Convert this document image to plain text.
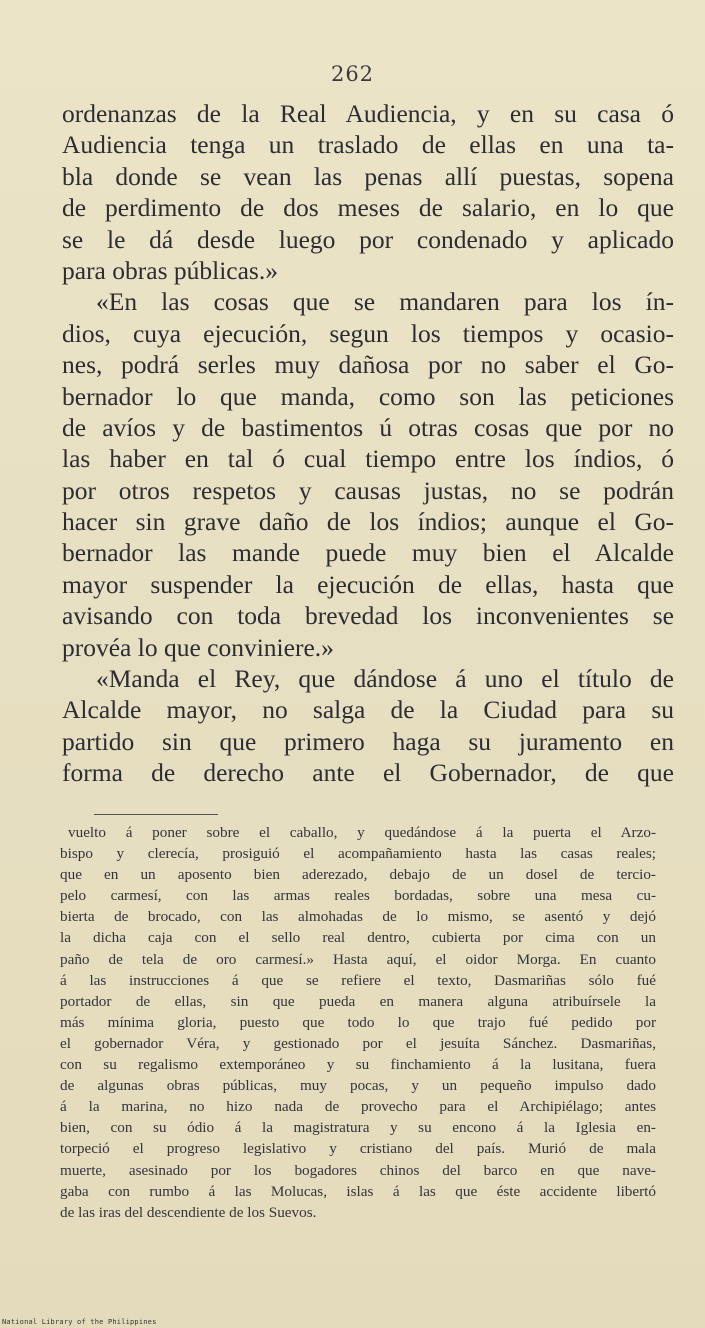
262
ordenanzas de la Real Audiencia, y en su casa ó
Audiencia tenga un traslado de ellas en una ta-
bla donde se vean las penas allí puestas, sopena
de perdimento de dos meses de salario, en lo que
se le dá desde luego por condenado y aplicado
para obras públicas.»
«En las cosas que se mandaren para los ín-
dios, cuya ejecución, segun los tiempos y ocasio-
nes, podrá serles muy dañosa por no saber el Go-
bernador lo que manda, como son las peticiones
de avíos y de bastimentos ú otras cosas que por no
las haber en tal ó cual tiempo entre los índios, ó
por otros respetos y causas justas, no se podrán
hacer sin grave daño de los índios; aunque el Go-
bernador las mande puede muy bien el Alcalde
mayor suspender la ejecución de ellas, hasta que
avisando con toda brevedad los inconvenientes se
provéa lo que conviniere.»
«Manda el Rey, que dándose á uno el título de
Alcalde mayor, no salga de la Ciudad para su
partido sin que primero haga su juramento en
forma de derecho ante el Gobernador, de que
vuelto á poner sobre el caballo, y quedándose á la puerta el Arzo-
bispo y clerecía, prosiguió el acompañamiento hasta las casas reales;
que en un aposento bien aderezado, debajo de un dosel de tercio-
pelo carmesí, con las armas reales bordadas, sobre una mesa cu-
bierta de brocado, con las almohadas de lo mismo, se asentó y dejó
la dicha caja con el sello real dentro, cubierta por cima con un
paño de tela de oro carmesí.» Hasta aquí, el oidor Morga. En cuanto
á las instrucciones á que se refiere el texto, Dasmariñas sólo fué
portador de ellas, sin que pueda en manera alguna atribuírsele la
más mínima gloria, puesto que todo lo que trajo fué pedido por
el gobernador Véra, y gestionado por el jesuíta Sánchez. Dasmariñas,
con su regalismo extemporáneo y su finchamiento á la lusitana, fuera
de algunas obras públicas, muy pocas, y un pequeño impulso dado
á la marina, no hizo nada de provecho para el Archipiélago; antes
bien, con su ódio á la magistratura y su encono á la Iglesia en-
torpeció el progreso legislativo y cristiano del país. Murió de mala
muerte, asesinado por los bogadores chinos del barco en que nave-
gaba con rumbo á las Molucas, islas á las que éste accidente libertó
de las iras del descendiente de los Suevos.
National Library of the Philippines
